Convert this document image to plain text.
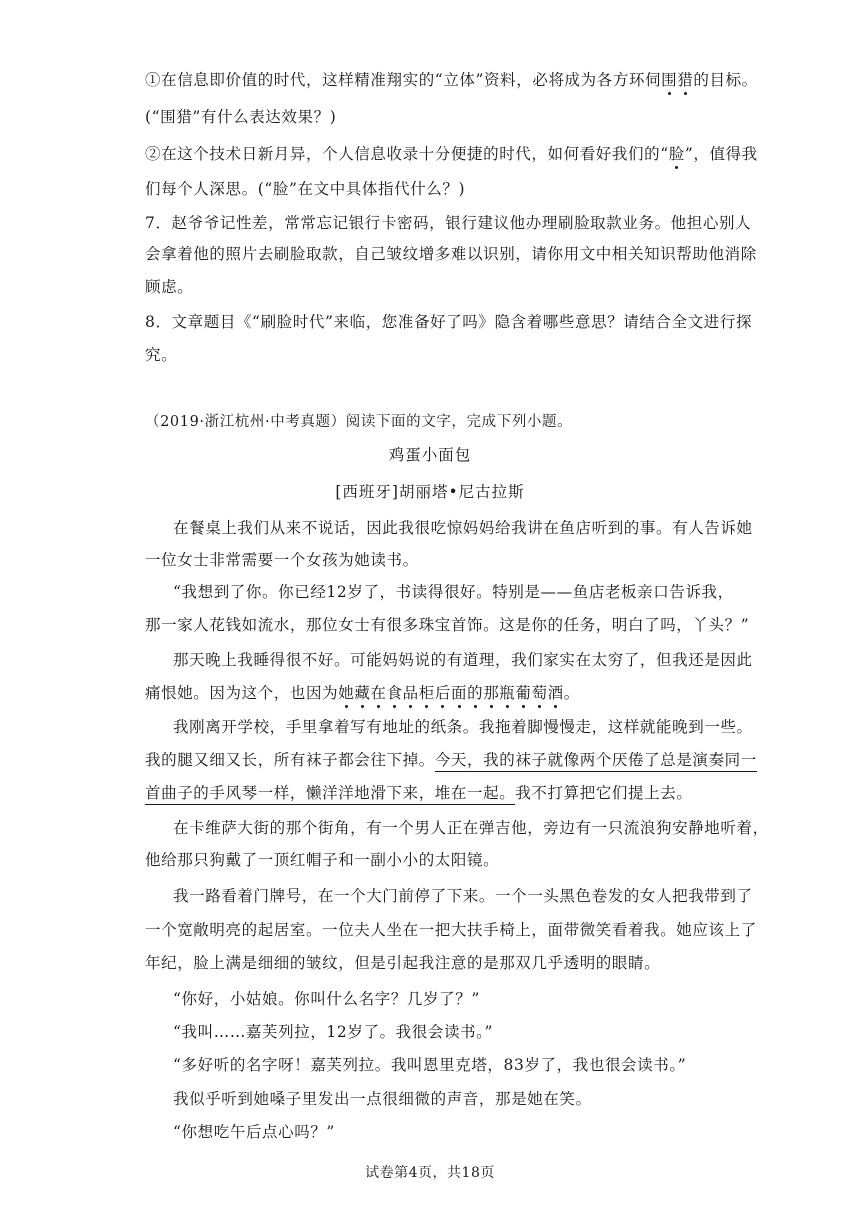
①在信息即价值的时代，这样精准翔实的“立体”资料，必将成为各方环伺围猎的目标。
(“围猎”有什么表达效果？)
②在这个技术日新月异，个人信息收录十分便捷的时代，如何看好我们的“脸”，值得我
们每个人深思。(“脸”在文中具体指代什么？)
7．赵爷爷记性差，常常忘记银行卡密码，银行建议他办理刷脸取款业务。他担心别人
会拿着他的照片去刷脸取款，自己皱纹增多难以识别，请你用文中相关知识帮助他消除
顾虑。
8．文章题目《“刷脸时代”来临，您准备好了吗》隐含着哪些意思？请结合全文进行探
究。
（2019·浙江杭州·中考真题）阅读下面的文字，完成下列小题。
鸡蛋小面包
[西班牙]胡丽塔•尼古拉斯
在餐桌上我们从来不说话，因此我很吃惊妈妈给我讲在鱼店听到的事。有人告诉她
一位女士非常需要一个女孩为她读书。
“我想到了你。你已经12岁了，书读得很好。特别是——鱼店老板亲口告诉我，
那一家人花钱如流水，那位女士有很多珠宝首饰。这是你的任务，明白了吗，丫头？”
那天晚上我睡得很不好。可能妈妈说的有道理，我们家实在太穷了，但我还是因此
痛恨她。因为这个，也因为她藏在食品柜后面的那瓶葡萄酒。
我刚离开学校，手里拿着写有地址的纸条。我拖着脚慢慢走，这样就能晚到一些。
我的腿又细又长，所有袜子都会往下掉。今天，我的袜子就像两个厌倦了总是演奏同一
首曲子的手风琴一样，懒洋洋地滑下来，堆在一起。我不打算把它们提上去。
在卡维萨大街的那个街角，有一个男人正在弹吉他，旁边有一只流浪狗安静地听着，
他给那只狗戴了一顶红帽子和一副小小的太阳镜。
我一路看着门牌号，在一个大门前停了下来。一个一头黑色卷发的女人把我带到了
一个宽敞明亮的起居室。一位夫人坐在一把大扶手椅上，面带微笑看着我。她应该上了
年纪，脸上满是细细的皱纹，但是引起我注意的是那双几乎透明的眼睛。
“你好，小姑娘。你叫什么名字？几岁了？”
“我叫……嘉芙列拉，12岁了。我很会读书。”
“多好听的名字呀！嘉芙列拉。我叫恩里克塔，83岁了，我也很会读书。”
我似乎听到她嗓子里发出一点很细微的声音，那是她在笑。
“你想吃午后点心吗？”
试卷第4页，共18页
